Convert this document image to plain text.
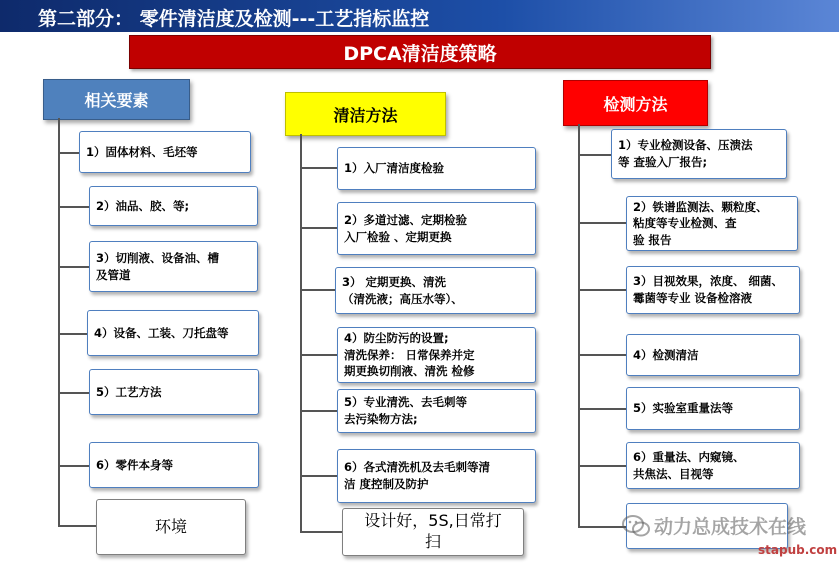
第二部分： 零件清洁度及检测---工艺指标监控
DPCA清洁度策略
相关要素
清洁方法
检测方法
1）固体材料、毛坯等
2）油品、胶、等;
3）切削液、设备油、槽
及管道
4）设备、工装、刀托盘等
5）工艺方法
6）零件本身等
环境
1）入厂清洁度检验
2）多道过滤、定期检验
入厂检验 、定期更换
3） 定期更换、清洗
（清洗液；高压水等）、
4）防尘防污的设置;
清洗保养： 日常保养并定
期更换切削液、清洗 检修
5）专业清洗、去毛刺等
去污染物方法;
6）各式清洗机及去毛刺等清
洁 度控制及防护
设计好，5S,日常打
扫
1）专业检测设备、压溃法
等 查验入厂报告;
2）铁谱监测法、颗粒度、
粘度等专业检测、查
验 报告
3）目视效果，浓度、 细菌、
霉菌等专业 设备检溶液
4）检测清洁
5）实验室重量法等
6）重量法、内窥镜、
共焦法、目视等
动力总成技术在线
stapub.com
